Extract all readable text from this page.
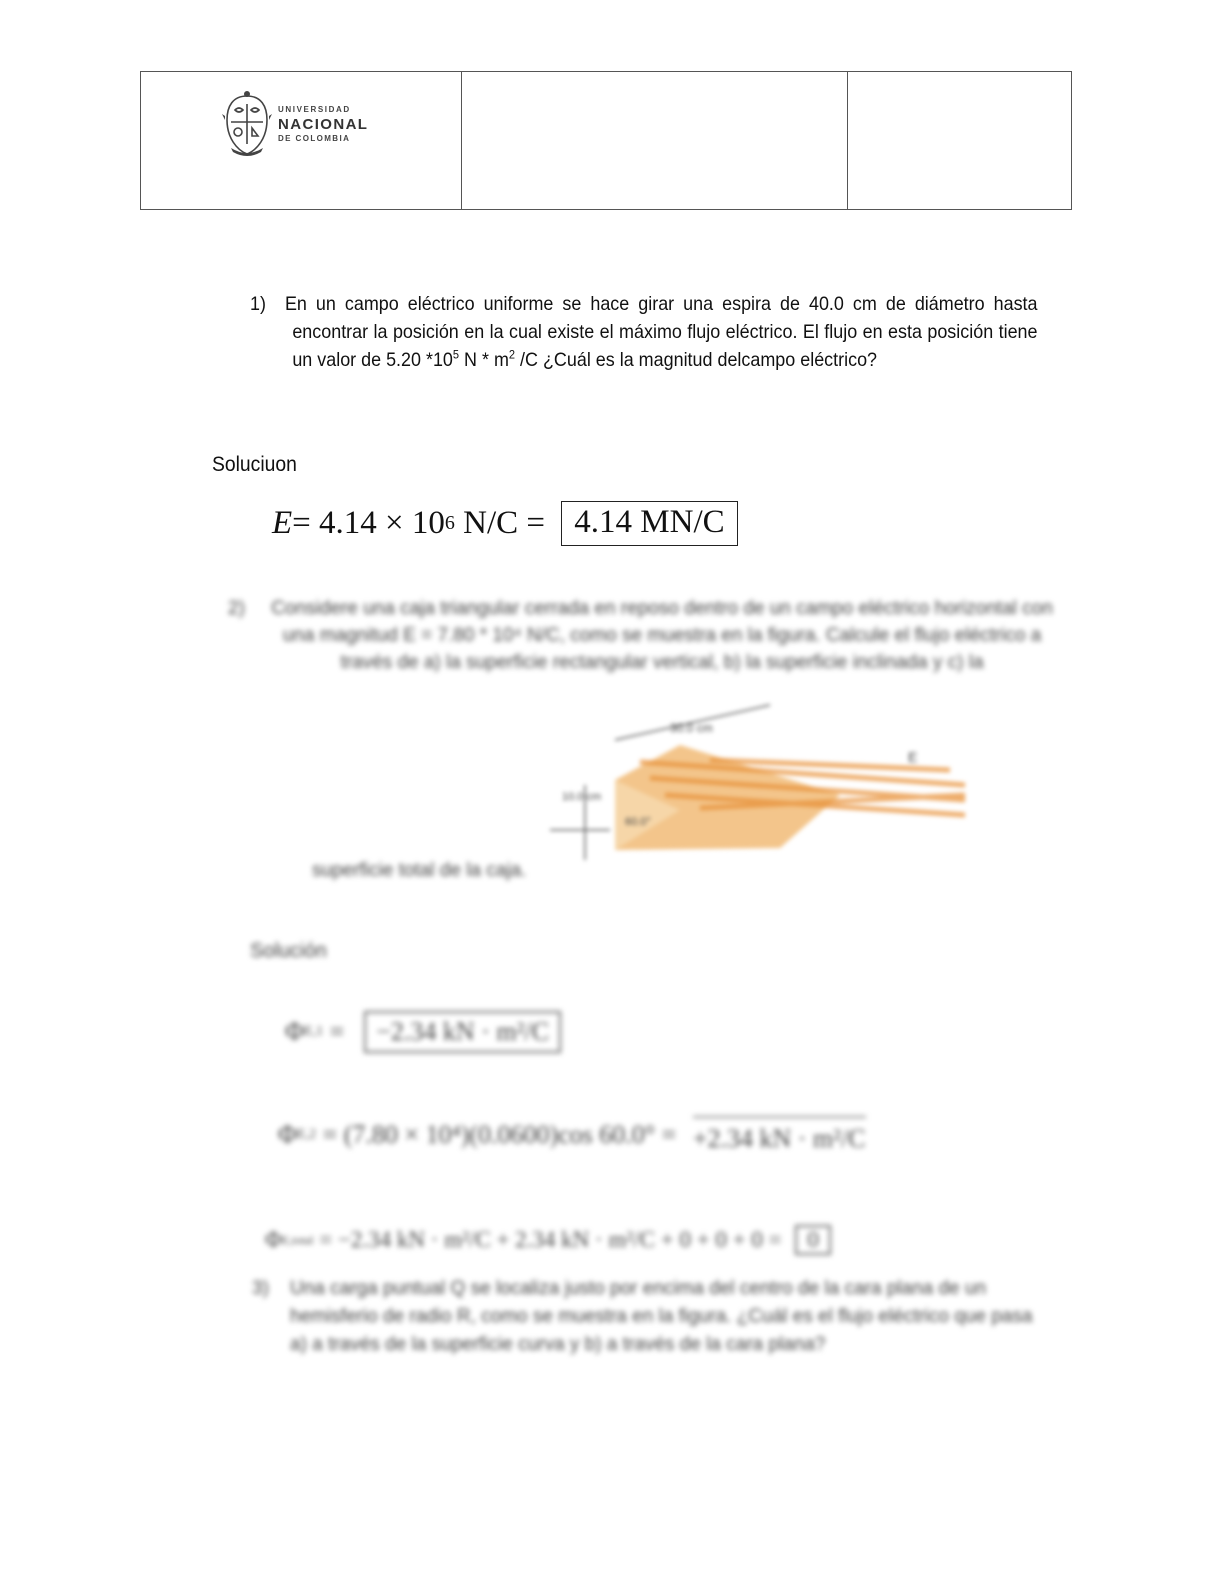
UNIVERSIDAD
NACIONAL
DE COLOMBIA
1) En un campo eléctrico uniforme se hace girar una espira de 40.0 cm de diámetro hasta encontrar la posición en la cual existe el máximo flujo eléctrico. El flujo en esta posición tiene un valor de 5.20 $*10^5$ N * $m^2$ /C ¿Cuál es la magnitud delcampo eléctrico?
Soluciuon
E = 4.14 × 10 6 N/C = 4.14 MN/C
2) Considere una caja triangular cerrada en reposo dentro de un campo eléctrico horizontal con una magnitud E = 7.80 * 10⁴ N/C, como se muestra en la figura. Calcule el flujo eléctrico a través de a) la superficie rectangular vertical, b) la superficie inclinada y c) la
30.0 cm
10.0 cm
60.0°
E
superficie total de la caja.
Solución
Φ E,1 =	−2.34 kN · m²/C
Φ E,2 = (7.80 × 10⁴)(0.0600)cos 60.0° = +2.34 kN · m²/C
Φ E,total = −2.34 kN · m²/C + 2.34 kN · m²/C + 0 + 0 + 0 = 0
3) Una carga puntual Q se localiza justo por encima del centro de la cara plana de un hemisferio de radio R, como se muestra en la figura. ¿Cuál es el flujo eléctrico que pasa a) a través de la superficie curva y b) a través de la cara plana?
